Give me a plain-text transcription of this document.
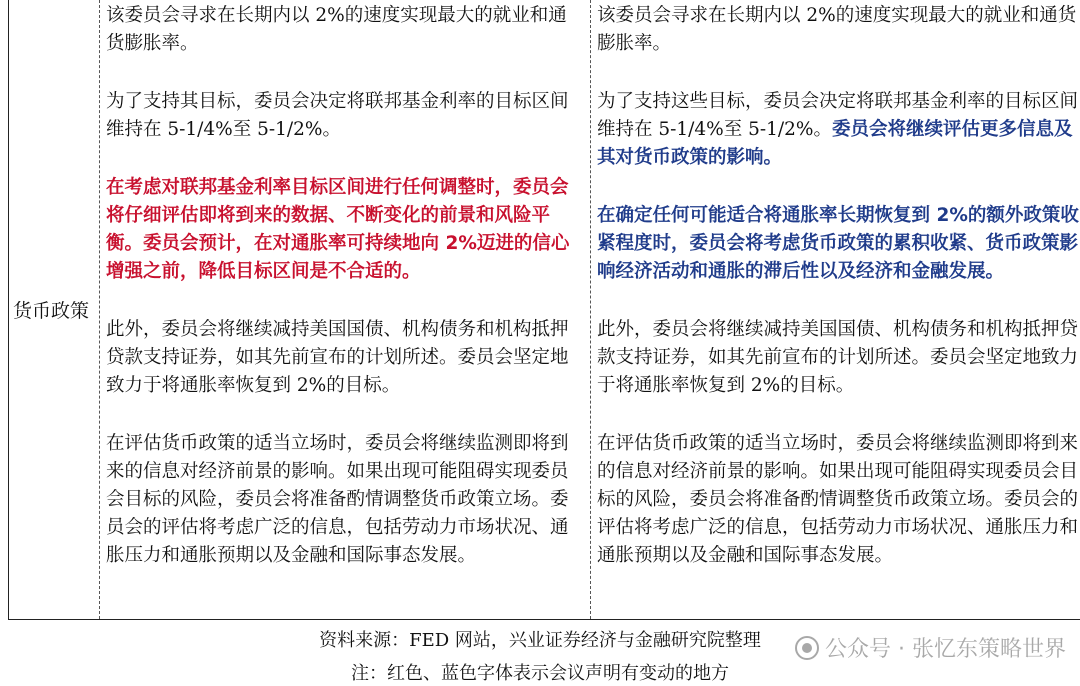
货币政策

该委员会寻求在长期内以 2%的速度实现最大的就业和通货膨胀率。

为了支持其目标，委员会决定将联邦基金利率的目标区间维持在 5-1/4%至 5-1/2%。

在考虑对联邦基金利率目标区间进行任何调整时，委员会将仔细评估即将到来的数据、不断变化的前景和风险平衡。委员会预计，在对通胀率可持续地向 2%迈进的信心增强之前，降低目标区间是不合适的。

此外，委员会将继续减持美国国债、机构债务和机构抵押贷款支持证券，如其先前宣布的计划所述。委员会坚定地致力于将通胀率恢复到 2%的目标。

在评估货币政策的适当立场时，委员会将继续监测即将到来的信息对经济前景的影响。如果出现可能阻碍实现委员会目标的风险，委员会将准备酌情调整货币政策立场。委员会的评估将考虑广泛的信息，包括劳动力市场状况、通胀压力和通胀预期以及金融和国际事态发展。

该委员会寻求在长期内以 2%的速度实现最大的就业和通货膨胀率。

为了支持这些目标，委员会决定将联邦基金利率的目标区间维持在 5-1/4%至 5-1/2%。委员会将继续评估更多信息及其对货币政策的影响。

在确定任何可能适合将通胀率长期恢复到 2%的额外政策收紧程度时，委员会将考虑货币政策的累积收紧、货币政策影响经济活动和通胀的滞后性以及经济和金融发展。

此外，委员会将继续减持美国国债、机构债务和机构抵押贷款支持证券，如其先前宣布的计划所述。委员会坚定地致力于将通胀率恢复到 2%的目标。

在评估货币政策的适当立场时，委员会将继续监测即将到来的信息对经济前景的影响。如果出现可能阻碍实现委员会目标的风险，委员会将准备酌情调整货币政策立场。委员会的评估将考虑广泛的信息，包括劳动力市场状况、通胀压力和通胀预期以及金融和国际事态发展。

资料来源：FED 网站，兴业证券经济与金融研究院整理
注：红色、蓝色字体表示会议声明有变动的地方
公众号 · 张忆东策略世界
